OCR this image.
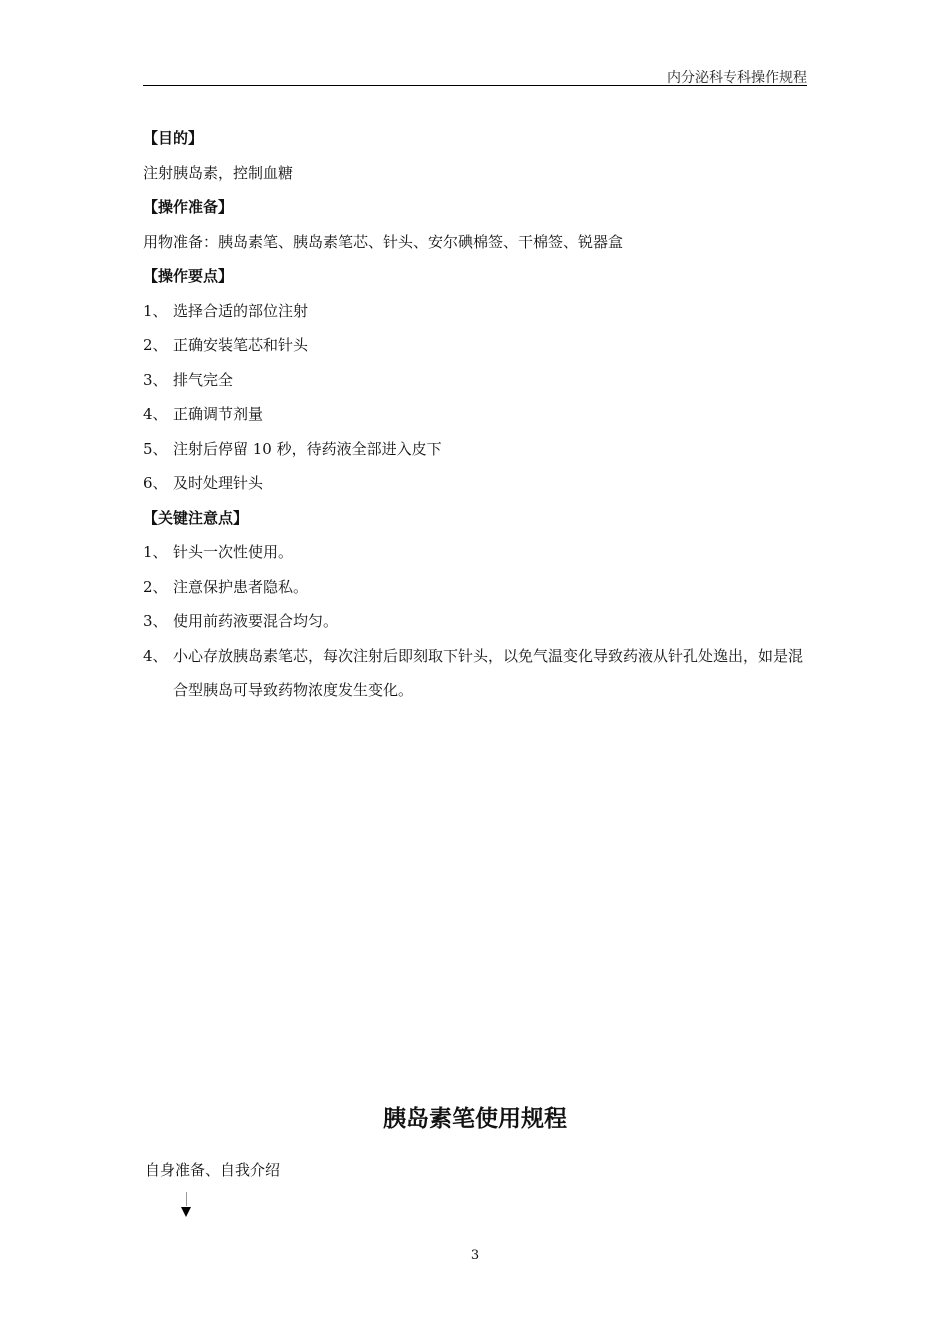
内分泌科专科操作规程
【目的】
注射胰岛素，控制血糖
【操作准备】
用物准备：胰岛素笔、胰岛素笔芯、针头、安尔碘棉签、干棉签、锐器盒
【操作要点】
1、 选择合适的部位注射
2、 正确安装笔芯和针头
3、 排气完全
4、 正确调节剂量
5、 注射后停留 10 秒，待药液全部进入皮下
6、 及时处理针头
【关键注意点】
1、 针头一次性使用。
2、 注意保护患者隐私。
3、 使用前药液要混合均匀。
4、 小心存放胰岛素笔芯，每次注射后即刻取下针头，以免气温变化导致药液从针孔处逸出，如是混合型胰岛可导致药物浓度发生变化。
胰岛素笔使用规程
自身准备、自我介绍
3
